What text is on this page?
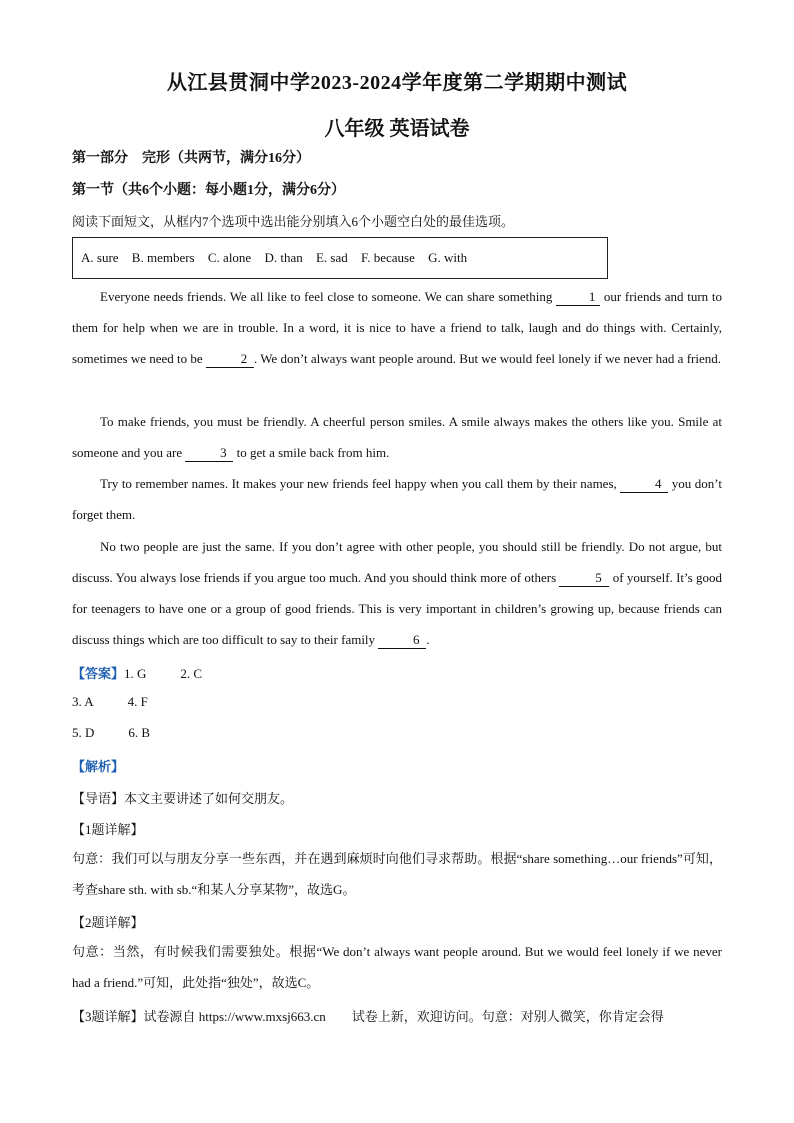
从江县贯洞中学2023-2024学年度第二学期期中测试
八年级 英语试卷
第一部分　完形（共两节，满分16分）
第一节（共6个小题：每小题1分，满分6分）
阅读下面短文，从框内7个选项中选出能分别填入6个小题空白处的最佳选项。
A. sure B. members C. alone D. than E. sad F. because G. with
Everyone needs friends. We all like to feel close to someone. We can share something	1 our friends and turn to them for help when we are in trouble. In a word, it is nice to have a friend to talk, laugh and do things with. Certainly, sometimes we need to be	2 . We don’t always want people around. But we would feel lonely if we never had a friend.
To make friends, you must be friendly. A cheerful person smiles. A smile always makes the others like you. Smile at someone and you are	3 to get a smile back from him.
Try to remember names. It makes your new friends feel happy when you call them by their names,	4 you don’t forget them.
No two people are just the same. If you don’t agree with other people, you should still be friendly. Do not argue, but discuss. You always lose friends if you argue too much. And you should think more of others	5 of yourself. It’s good for teenagers to have one or a group of good friends. This is very important in children’s growing up, because friends can discuss things which are too difficult to say to their family	6 .
【答案】1. G	2. C
3. A	4. F
5. D	6. B
【解析】
【导语】本文主要讲述了如何交朋友。
【1题详解】
句意：我们可以与朋友分享一些东西，并在遇到麻烦时向他们寻求帮助。根据“share something…our friends”可知，考查share sth. with sb.“和某人分享某物”，故选G。
【2题详解】
句意：当然，有时候我们需要独处。根据“We don’t always want people around. But we would feel lonely if we never had a friend.”可知，此处指“独处”，故选C。
【3题详解】试卷源自 https://www.mxsj663.cn　　试卷上新，欢迎访问。句意：对别人微笑，你肯定会得
